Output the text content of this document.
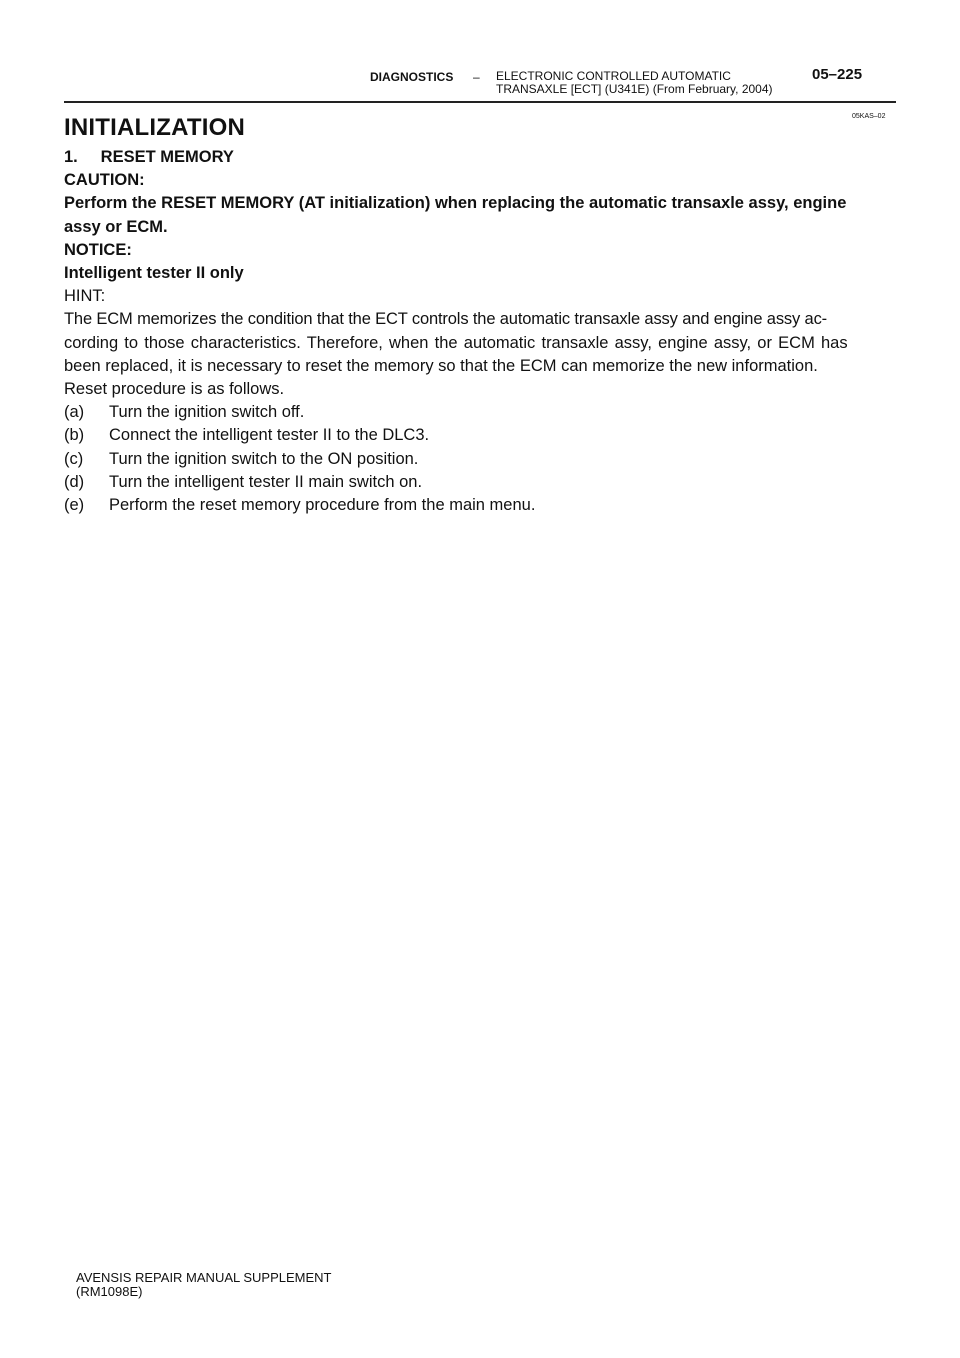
DIAGNOSTICS – ELECTRONIC CONTROLLED AUTOMATIC
TRANSAXLE [ECT] (U341E) (From February, 2004)
05–225
05KAS–02
INITIALIZATION

1.     RESET MEMORY

CAUTION:

Perform the RESET MEMORY (AT initialization) when replacing the automatic transaxle assy, engine

assy or ECM.

NOTICE:

Intelligent tester II only

HINT:

The ECM memorizes the condition that the ECT controls the automatic transaxle assy and engine assy ac-

cording to those characteristics. Therefore, when the automatic transaxle assy, engine assy, or ECM has

been replaced, it is necessary to reset the memory so that the ECM can memorize the new information.

Reset procedure is as follows.

(a)	Turn the ignition switch off.
(b)	Connect the intelligent tester II to the DLC3.
(c)	Turn the ignition switch to the ON position.
(d)	Turn the intelligent tester II main switch on.
(e)	Perform the reset memory procedure from the main menu.
AVENSIS REPAIR MANUAL SUPPLEMENT
(RM1098E)
